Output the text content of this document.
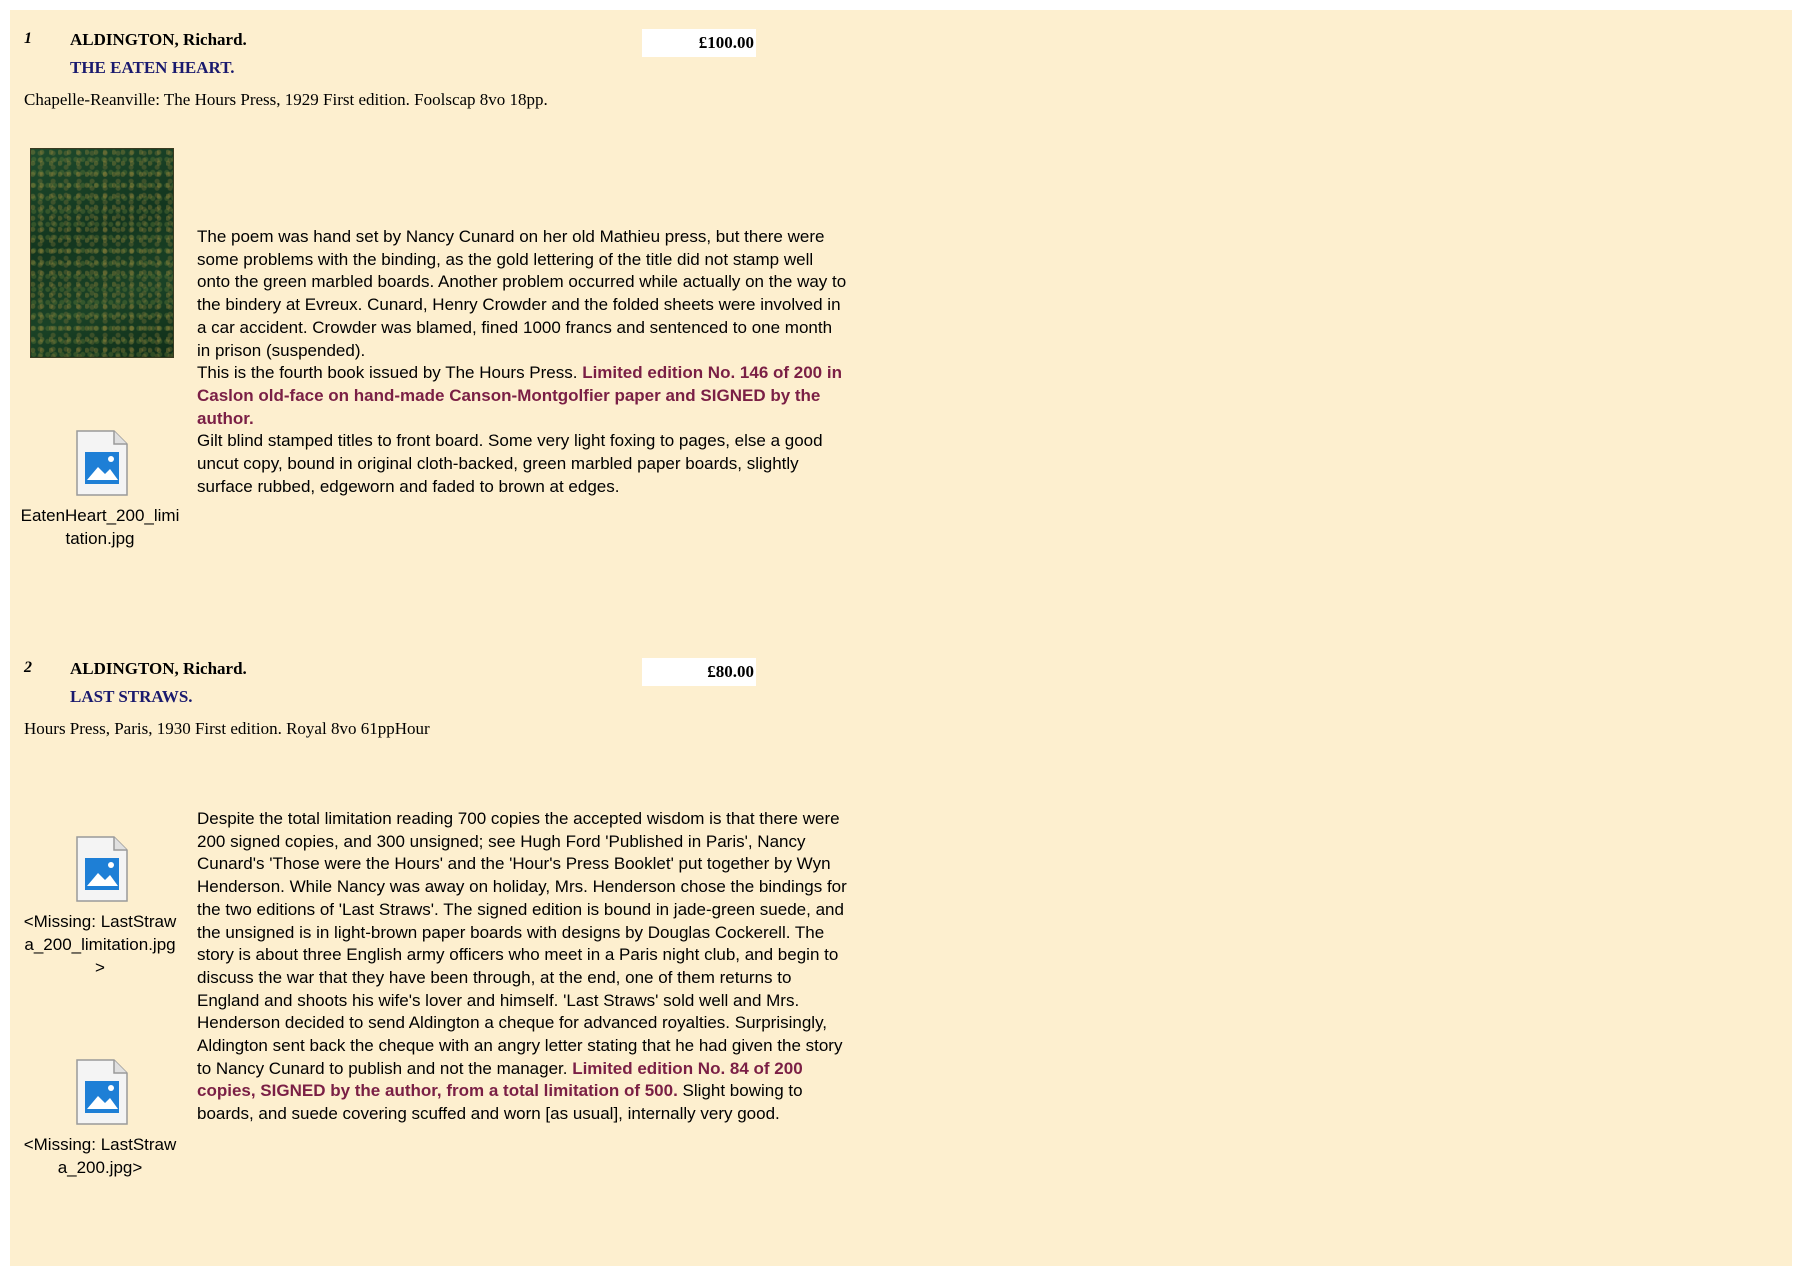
1 ALDINGTON, Richard.	£100.00
THE EATEN HEART.
Chapelle-Reanville: The Hours Press, 1929 First edition. Foolscap 8vo 18pp.
EatenHeart_200_limitation.jpg

The poem was hand set by Nancy Cunard on her old Mathieu press, but there were some problems with the binding, as the gold lettering of the title did not stamp well onto the green marbled boards. Another problem occurred while actually on the way to the bindery at Evreux. Cunard, Henry Crowder and the folded sheets were involved in a car accident. Crowder was blamed, fined 1000 francs and sentenced to one month in prison (suspended).

This is the fourth book issued by The Hours Press. Limited edition No. 146 of 200 in Caslon old-face on hand-made Canson-Montgolfier paper and SIGNED by the author.

Gilt blind stamped titles to front board. Some very light foxing to pages, else a good uncut copy, bound in original cloth-backed, green marbled paper boards, slightly surface rubbed, edgeworn and faded to brown at edges.

2 ALDINGTON, Richard.	£80.00
LAST STRAWS.
Hours Press, Paris, 1930 First edition. Royal 8vo 61ppHour
<Missing: LastStrawa_200_limitation.jpg>
<Missing: LastStrawa_200.jpg>

Despite the total limitation reading 700 copies the accepted wisdom is that there were 200 signed copies, and 300 unsigned; see Hugh Ford 'Published in Paris', Nancy Cunard's 'Those were the Hours' and the 'Hour's Press Booklet' put together by Wyn Henderson. While Nancy was away on holiday, Mrs. Henderson chose the bindings for the two editions of 'Last Straws'. The signed edition is bound in jade-green suede, and the unsigned is in light-brown paper boards with designs by Douglas Cockerell. The story is about three English army officers who meet in a Paris night club, and begin to discuss the war that they have been through, at the end, one of them returns to England and shoots his wife's lover and himself. 'Last Straws' sold well and Mrs. Henderson decided to send Aldington a cheque for advanced royalties. Surprisingly, Aldington sent back the cheque with an angry letter stating that he had given the story to Nancy Cunard to publish and not the manager. Limited edition No. 84 of 200 copies, SIGNED by the author, from a total limitation of 500. Slight bowing to boards, and suede covering scuffed and worn [as usual], internally very good.
